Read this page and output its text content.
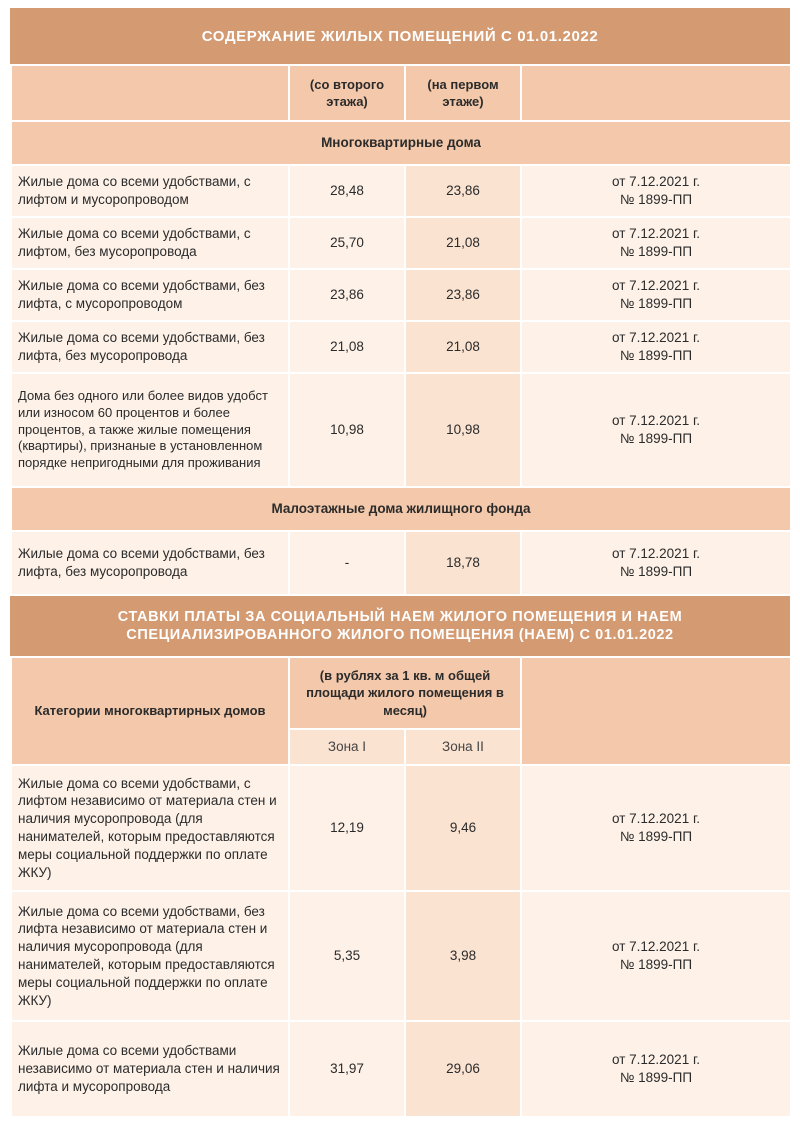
СОДЕРЖАНИЕ ЖИЛЫХ ПОМЕЩЕНИЙ С 01.01.2022
	(со второго этажа)	(на первом этаже)	
Многоквартирные дома			
Жилые дома со всеми удобствами, с лифтом и мусоропроводом	28,48	23,86	от 7.12.2021 г.
№ 1899-ПП

Жилые дома со всеми удобствами, с лифтом, без мусоропровода	25,70	21,08	от 7.12.2021 г.
№ 1899-ПП

Жилые дома со всеми удобствами, без лифта, с мусоропроводом	23,86	23,86	от 7.12.2021 г.
№ 1899-ПП

Жилые дома со всеми удобствами, без лифта, без мусоропровода	21,08	21,08	от 7.12.2021 г.
№ 1899-ПП

Дома без одного или более видов удобст или износом 60 процентов и более процентов, а также жилые помещения (квартиры), признаные в установленном порядке непригодными для проживания	10,98	10,98	от 7.12.2021 г.
№ 1899-ПП

Малоэтажные дома жилищного фонда			
Жилые дома со всеми удобствами, без лифта, без мусоропровода	-	18,78	от 7.12.2021 г.
№ 1899-ПП
СТАВКИ ПЛАТЫ ЗА СОЦИАЛЬНЫЙ НАЕМ ЖИЛОГО ПОМЕЩЕНИЯ И НАЕМ СПЕЦИАЛИЗИРОВАННОГО ЖИЛОГО ПОМЕЩЕНИЯ (НАЕМ) С 01.01.2022
Категории многоквартирных домов	(в рублях за 1 кв. м общей площади жилого помещения в месяц)		
	Зона I	Зона II	
Жилые дома со всеми удобствами, с лифтом независимо от материала стен и наличия мусоропровода (для нанимателей, которым предоставляются меры социальной поддержки по оплате ЖКУ)	12,19	9,46	от 7.12.2021 г.
№ 1899-ПП

Жилые дома со всеми удобствами, без лифта независимо от материала стен и наличия мусоропровода (для нанимателей, которым предоставляются меры социальной поддержки по оплате ЖКУ)	5,35	3,98	от 7.12.2021 г.
№ 1899-ПП

Жилые дома со всеми удобствами независимо от материала стен и наличия лифта и мусоропровода	31,97	29,06	от 7.12.2021 г.
№ 1899-ПП
